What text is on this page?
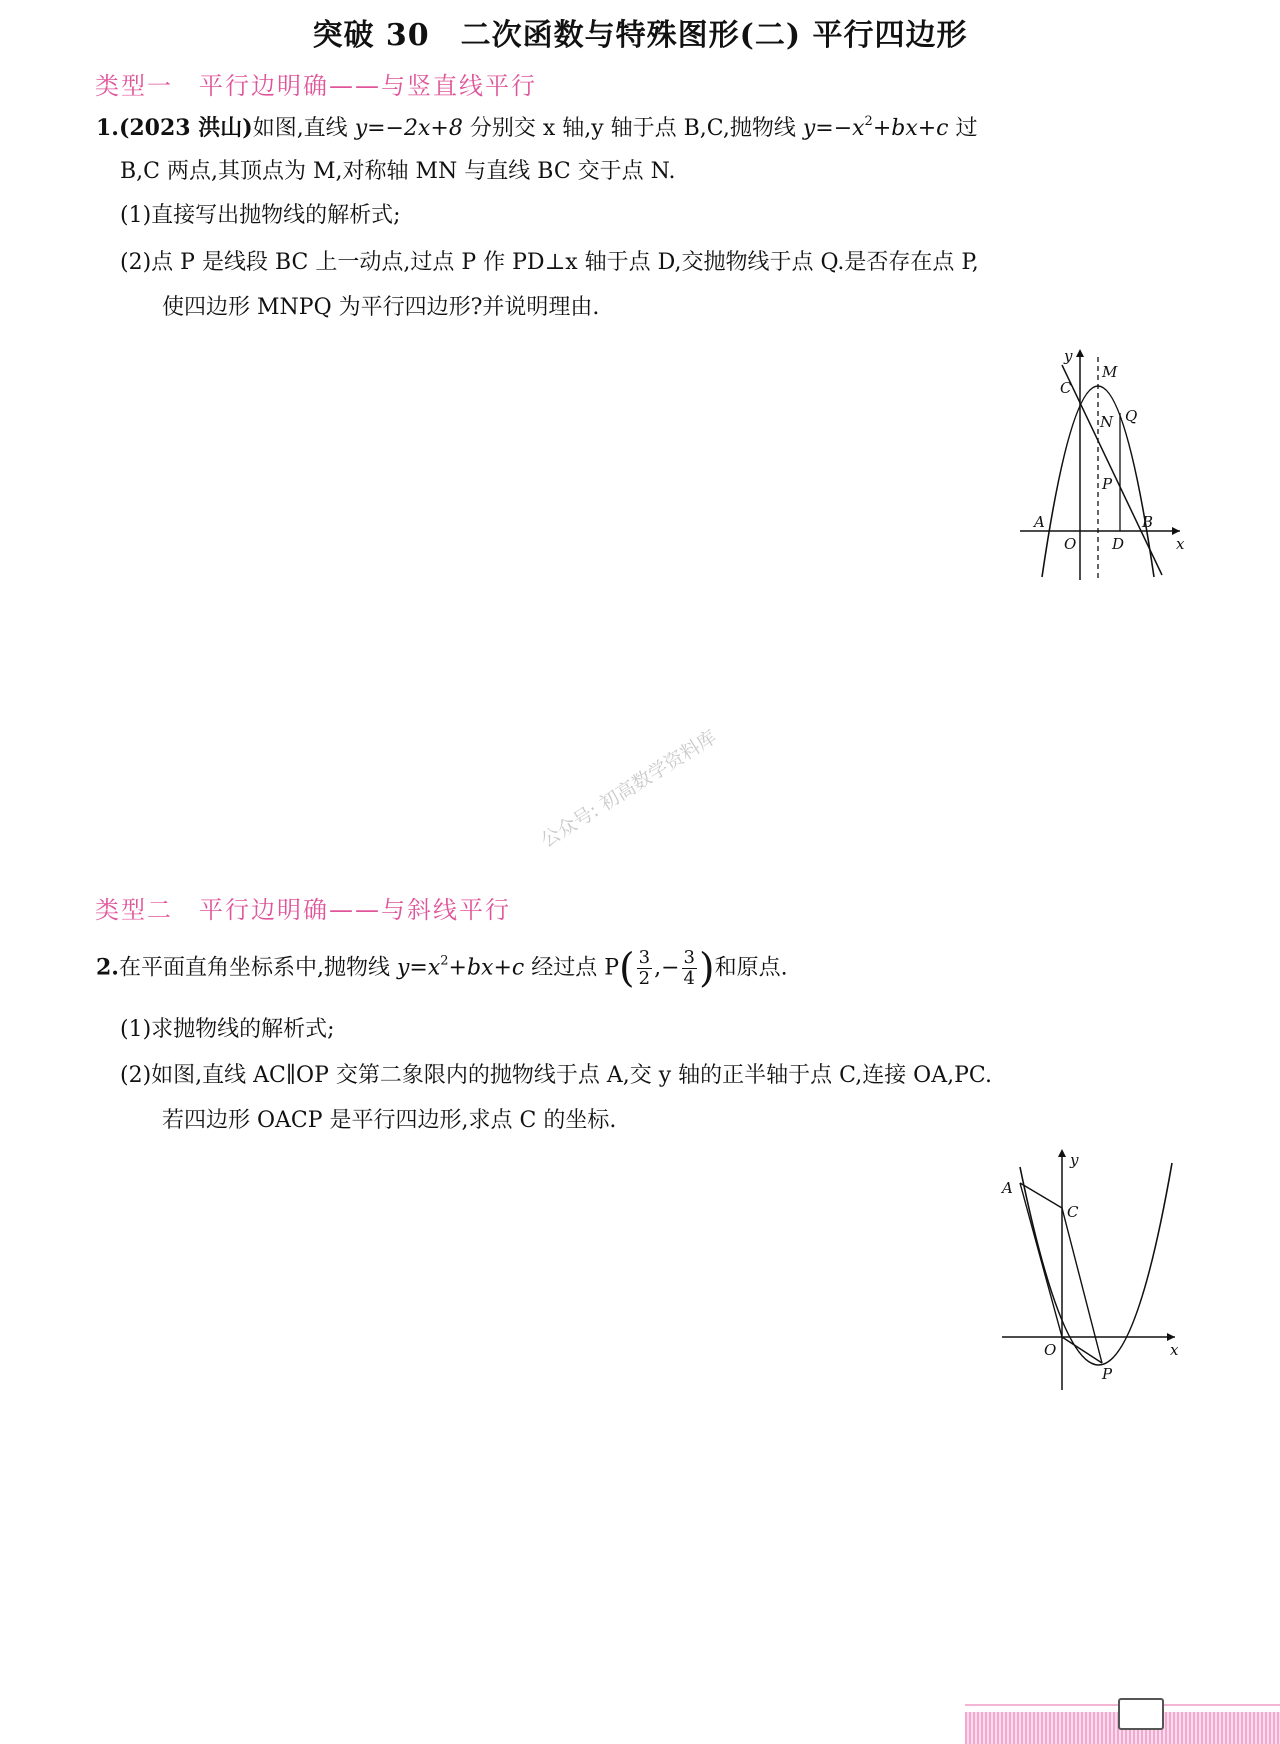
突破 30　二次函数与特殊图形(二) 平行四边形
类型一　平行边明确——与竖直线平行
1.(2023 洪山)如图,直线 y=−2x+8 分别交 x 轴,y 轴于点 B,C,抛物线 $y=-x^2+bx+c$ 过
B,C 两点,其顶点为 M,对称轴 MN 与直线 BC 交于点 N.
(1)直接写出抛物线的解析式;
(2)点 P 是线段 BC 上一动点,过点 P 作 PD⊥x 轴于点 D,交抛物线于点 Q.是否存在点 P,
使四边形 MNPQ 为平行四边形?并说明理由.
y
x
M
C
N Q
P
A
O D
B
公众号: 初高数学资料库
类型二　平行边明确——与斜线平行
2.在平面直角坐标系中,抛物线 $y=x^2+bx+c$ 经过点 $P( \frac{3}{2}$ ,− $\frac{3}{4}$ )和原点.
(1)求抛物线的解析式;
(2)如图,直线 AC∥OP 交第二象限内的抛物线于点 A,交 y 轴的正半轴于点 C,连接 OA,PC.
若四边形 OACP 是平行四边形,求点 C 的坐标.
y
x
A
C
O
P
